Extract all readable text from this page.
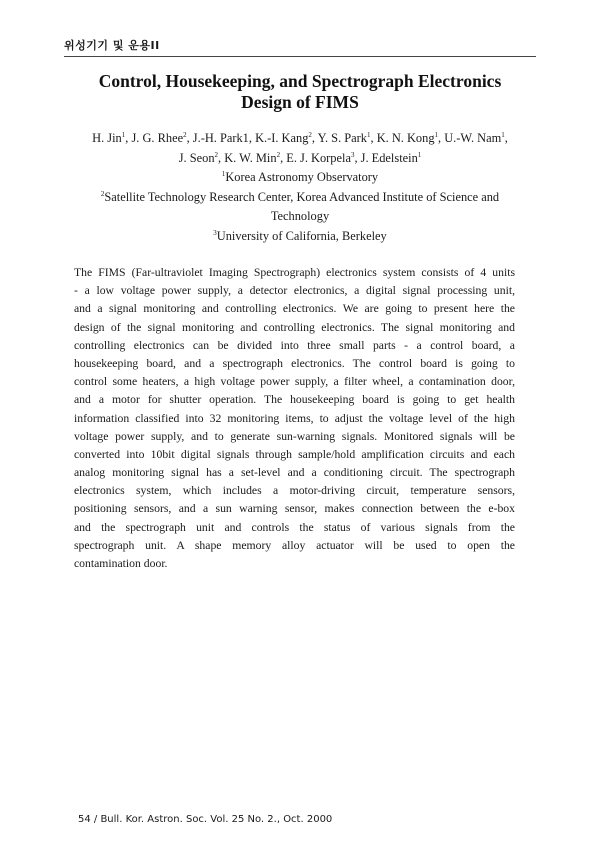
위성기기 및 운용II
Control, Housekeeping, and Spectrograph Electronics
Design of FIMS
H. Jin$^1$, J. G. Rhee$^2$, J.-H. Park1, K.-I. Kang$^2$, Y. S. Park$^1$, K. N. Kong$^1$, U.-W. Nam$^1$,
J. Seon$^2$, K. W. Min$^2$, E. J. Korpela$^3$, J. Edelstein$^1$
$^1$Korea Astronomy Observatory
$^2$Satellite Technology Research Center, Korea Advanced Institute of Science and
Technology
$^3$University of California, Berkeley
The FIMS (Far-ultraviolet Imaging Spectrograph) electronics system consists of 4 units
- a low voltage power supply, a detector electronics, a digital signal processing unit,
and a signal monitoring and controlling electronics. We are going to present here the
design of the signal monitoring and controlling electronics. The signal monitoring and
controlling electronics can be divided into three small parts - a control board, a
housekeeping board, and a spectrograph electronics. The control board is going to
control some heaters, a high voltage power supply, a filter wheel, a contamination door,
and a motor for shutter operation. The housekeeping board is going to get health
information classified into 32 monitoring items, to adjust the voltage level of the high
voltage power supply, and to generate sun-warning signals. Monitored signals will be
converted into 10bit digital signals through sample/hold amplification circuits and each
analog monitoring signal has a set-level and a conditioning circuit. The spectrograph
electronics system, which includes a motor-driving circuit, temperature sensors,
positioning sensors, and a sun warning sensor, makes connection between the e-box
and the spectrograph unit and controls the status of various signals from the
spectrograph unit. A shape memory alloy actuator will be used to open the
contamination door.
54 / Bull. Kor. Astron. Soc. Vol. 25 No. 2., Oct. 2000
